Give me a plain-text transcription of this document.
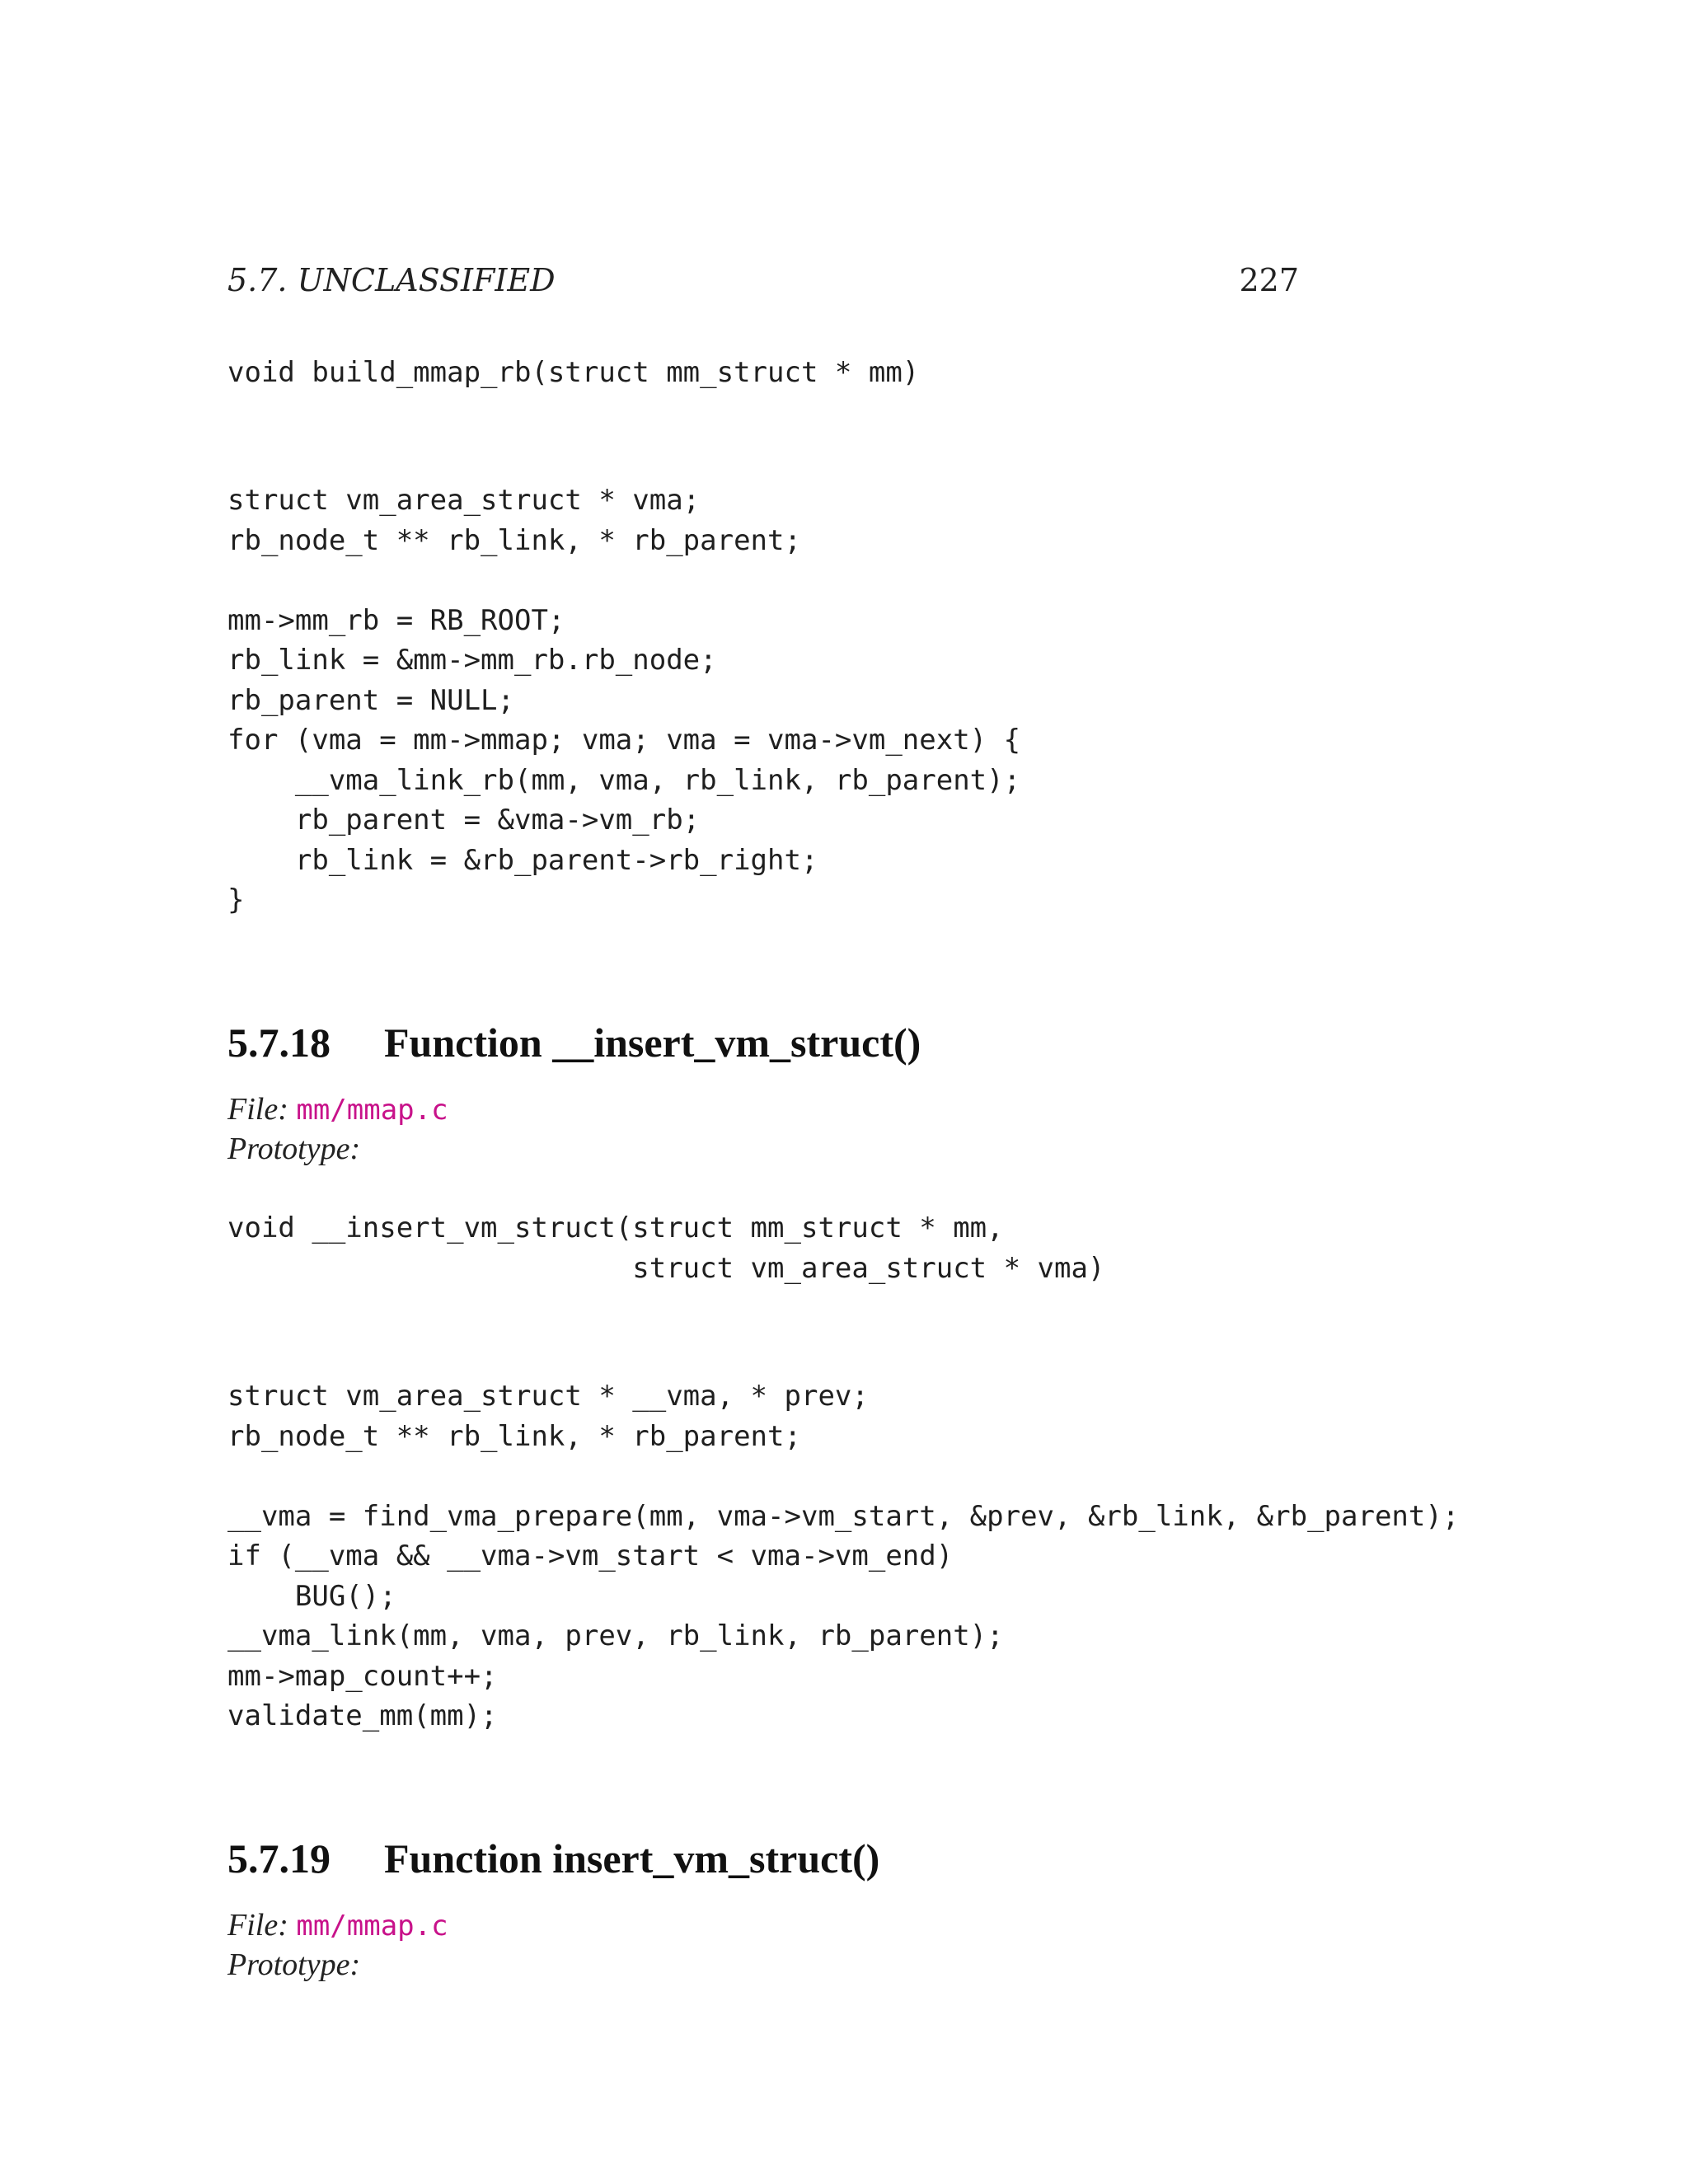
5.7. UNCLASSIFIED	227
void build_mmap_rb(struct mm_struct * mm)
struct vm_area_struct * vma;
rb_node_t ** rb_link, * rb_parent;

mm->mm_rb = RB_ROOT;
rb_link = &mm->mm_rb.rb_node;
rb_parent = NULL;
for (vma = mm->mmap; vma; vma = vma->vm_next) {
__vma_link_rb(mm, vma, rb_link, rb_parent);
rb_parent = &vma->vm_rb;
rb_link = &rb_parent->rb_right;
}
5.7.18 Function __insert_vm_struct()
File: mm/mmap.c
Prototype:
void __insert_vm_struct(struct mm_struct * mm,
struct vm_area_struct * vma)
struct vm_area_struct * __vma, * prev;
rb_node_t ** rb_link, * rb_parent;

__vma = find_vma_prepare(mm, vma->vm_start, &prev, &rb_link, &rb_parent);
if (__vma && __vma->vm_start < vma->vm_end)
BUG();
__vma_link(mm, vma, prev, rb_link, rb_parent);
mm->map_count++;
validate_mm(mm);
5.7.19 Function insert_vm_struct()
File: mm/mmap.c
Prototype:
